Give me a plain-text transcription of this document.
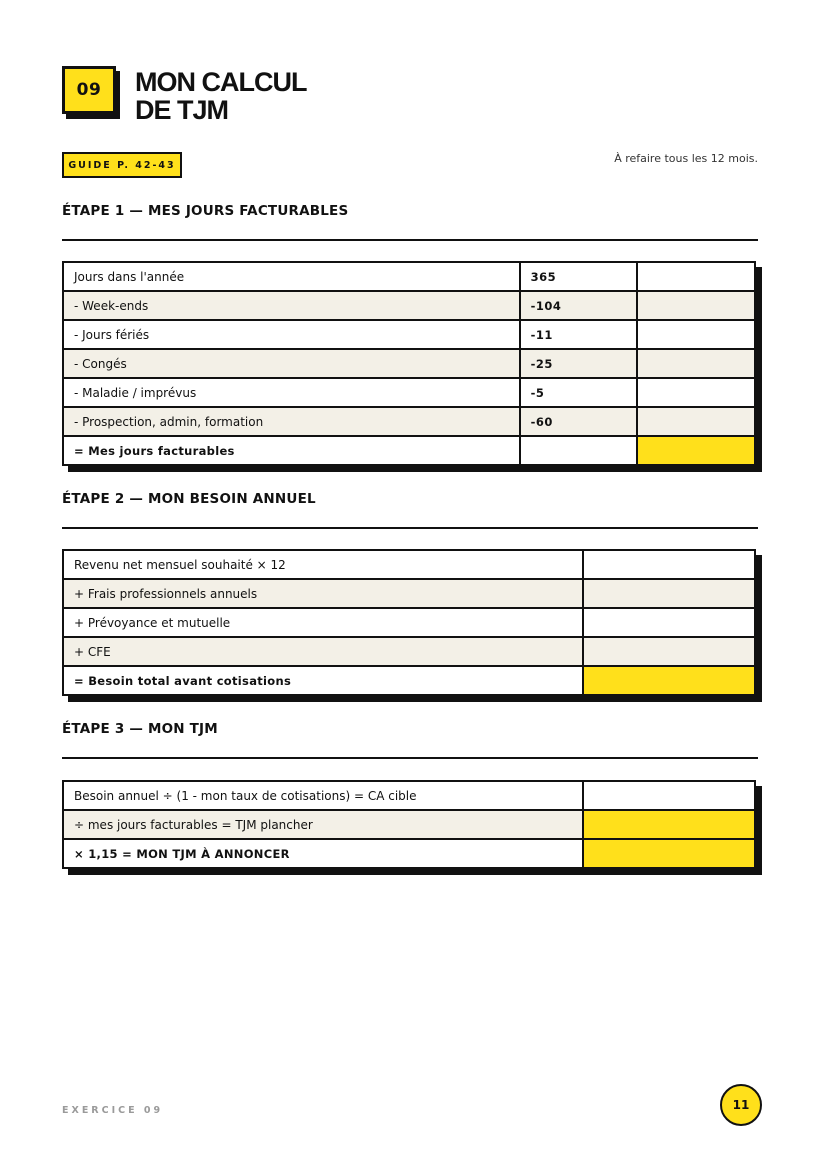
09	MON CALCUL
DE TJM
GUIDE P. 42-43	À refaire tous les 12 mois.
ÉTAPE 1 — MES JOURS FACTURABLES
Jours dans l'année	365	
- Week-ends	-104	
- Jours fériés	-11	
- Congés	-25	
- Maladie / imprévus	-5	
- Prospection, admin, formation	-60	
= Mes jours facturables		
ÉTAPE 2 — MON BESOIN ANNUEL
Revenu net mensuel souhaité × 12	
+ Frais professionnels annuels	
+ Prévoyance et mutuelle	
+ CFE	
= Besoin total avant cotisations	
ÉTAPE 3 — MON TJM
Besoin annuel ÷ (1 - mon taux de cotisations) = CA cible	
÷ mes jours facturables = TJM plancher	
× 1,15 = MON TJM À ANNONCER	
EXERCICE 09	11
